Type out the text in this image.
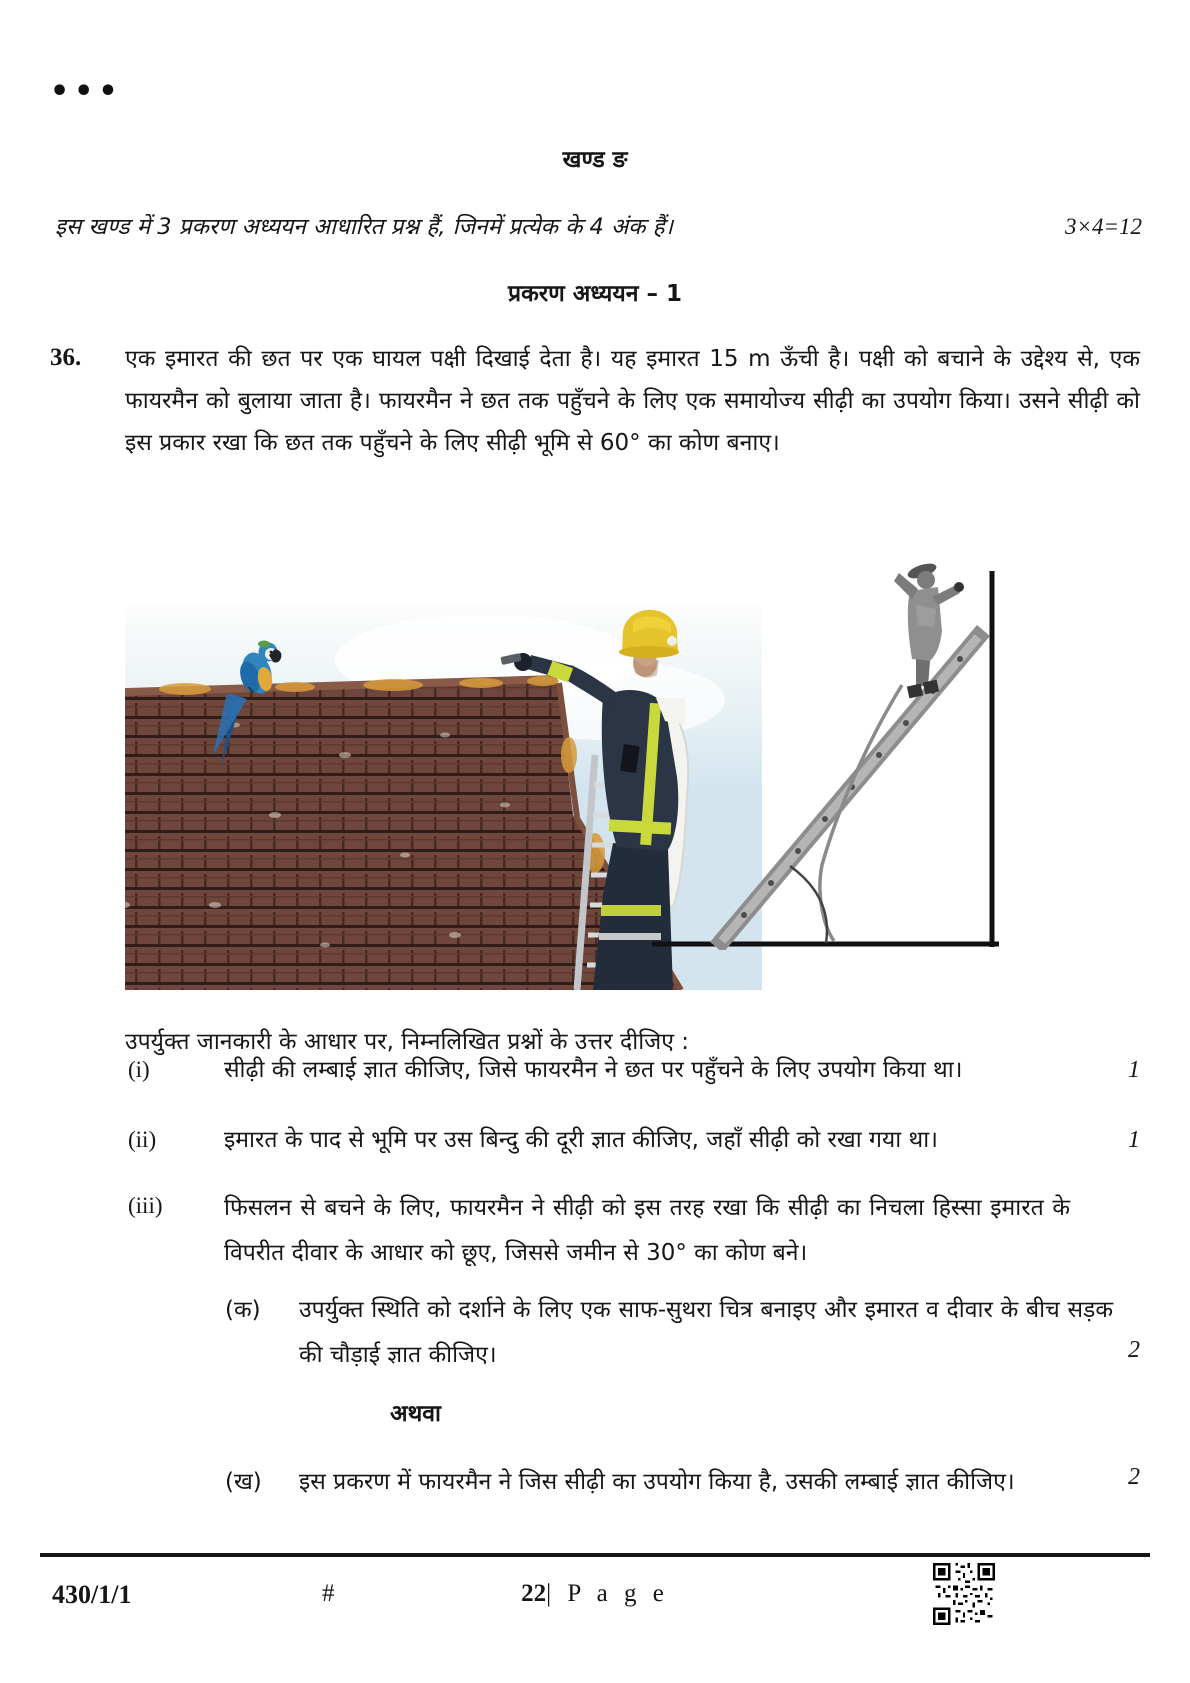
•••
खण्ड ङ
इस खण्ड में 3 प्रकरण अध्ययन आधारित प्रश्न हैं, जिनमें प्रत्येक के 4 अंक हैं।	3×4=12
प्रकरण अध्ययन – 1
36. एक इमारत की छत पर एक घायल पक्षी दिखाई देता है। यह इमारत 15 m ऊँची है। पक्षी को बचाने के उद्देश्य से, एक फायरमैन को बुलाया जाता है। फायरमैन ने छत तक पहुँचने के लिए एक समायोज्य सीढ़ी का उपयोग किया। उसने सीढ़ी को इस प्रकार रखा कि छत तक पहुँचने के लिए सीढ़ी भूमि से 60° का कोण बनाए।
उपर्युक्त जानकारी के आधार पर, निम्नलिखित प्रश्नों के उत्तर दीजिए :
(i)	सीढ़ी की लम्बाई ज्ञात कीजिए, जिसे फायरमैन ने छत पर पहुँचने के लिए उपयोग किया था।	1
(ii)	इमारत के पाद से भूमि पर उस बिन्दु की दूरी ज्ञात कीजिए, जहाँ सीढ़ी को रखा गया था।	1
(iii)	फिसलन से बचने के लिए, फायरमैन ने सीढ़ी को इस तरह रखा कि सीढ़ी का निचला हिस्सा इमारत के विपरीत दीवार के आधार को छूए, जिससे जमीन से 30° का कोण बने।
(क)	उपर्युक्त स्थिति को दर्शाने के लिए एक साफ-सुथरा चित्र बनाइए और इमारत व दीवार के बीच सड़क की चौड़ाई ज्ञात कीजिए।	2
अथवा
(ख)	इस प्रकरण में फायरमैन ने जिस सीढ़ी का उपयोग किया है, उसकी लम्बाई ज्ञात कीजिए।	2
430/1/1	#	22| P a g e
